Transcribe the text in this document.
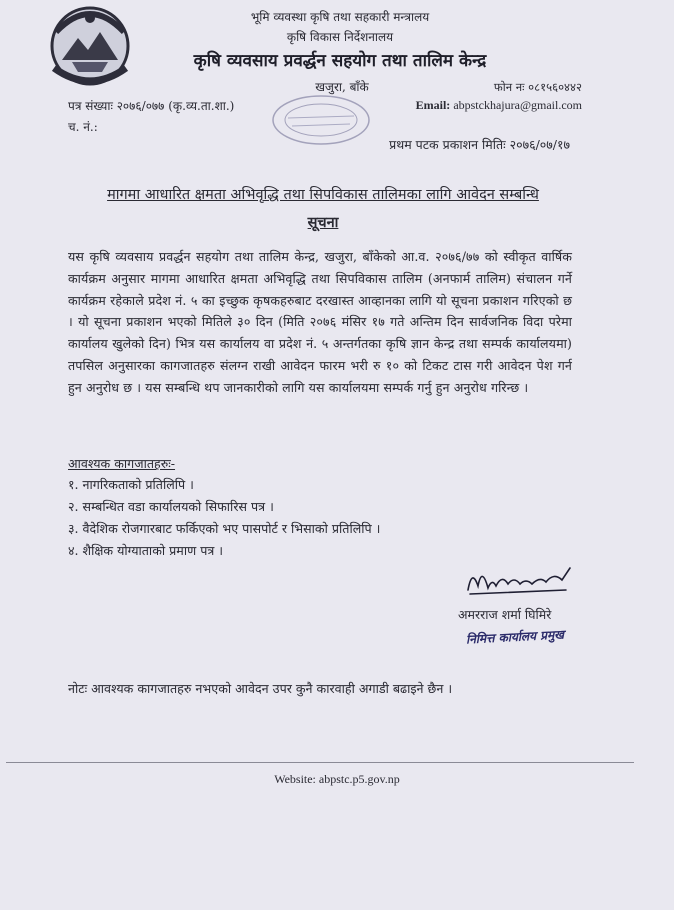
भूमि व्यवस्था कृषि तथा सहकारी मन्त्रालय
कृषि विकास निर्देशनालय
कृषि व्यवसाय प्रवर्द्धन सहयोग तथा तालिम केन्द्र
खजुरा, बाँके	फोन नः ०८१५६०४४२
Email: abpstckhajura@gmail.com
पत्र संख्याः २०७६/०७७ (कृ.व्य.ता.शा.)
च. नं.:
प्रथम पटक प्रकाशन मितिः २०७६/०७/१७
मागमा आधारित क्षमता अभिवृद्धि तथा सिपविकास तालिमका लागि आवेदन सम्बन्धि
सूचना
यस कृषि व्यवसाय प्रवर्द्धन सहयोग तथा तालिम केन्द्र, खजुरा, बाँकेको आ.व. २०७६/७७ को स्वीकृत वार्षिक कार्यक्रम अनुसार मागमा आधारित क्षमता अभिवृद्धि तथा सिपविकास तालिम (अनफार्म तालिम) संचालन गर्ने कार्यक्रम रहेकाले प्रदेश नं. ५ का इच्छुक कृषकहरुबाट दरखास्त आव्हानका लागि यो सूचना प्रकाशन गरिएको छ । यो सूचना प्रकाशन भएको मितिले ३० दिन (मिति २०७६ मंसिर १७ गते अन्तिम दिन सार्वजनिक विदा परेमा कार्यालय खुलेको दिन) भित्र यस कार्यालय वा प्रदेश नं. ५ अन्तर्गतका कृषि ज्ञान केन्द्र तथा सम्पर्क कार्यालयमा) तपसिल अनुसारका कागजातहरु संलग्न राखी आवेदन फारम भरी रु १० को टिकट टास गरी आवेदन पेश गर्न हुन अनुरोध छ । यस सम्बन्धि थप जानकारीको लागि यस कार्यालयमा सम्पर्क गर्नु हुन अनुरोध गरिन्छ ।
आवश्यक कागजातहरुः-
१. नागरिकताको प्रतिलिपि ।
२. सम्बन्धित वडा कार्यालयको सिफारिस पत्र ।
३. वैदेशिक रोजगारबाट फर्किएको भए पासपोर्ट र भिसाको प्रतिलिपि ।
४. शैक्षिक योग्याताको प्रमाण पत्र ।
अमरराज शर्मा घिमिरे
निमित्त कार्यालय प्रमुख
नोटः आवश्यक कागजातहरु नभएको आवेदन उपर कुनै कारवाही अगाडी बढाइने छैन ।
Website: abpstc.p5.gov.np
